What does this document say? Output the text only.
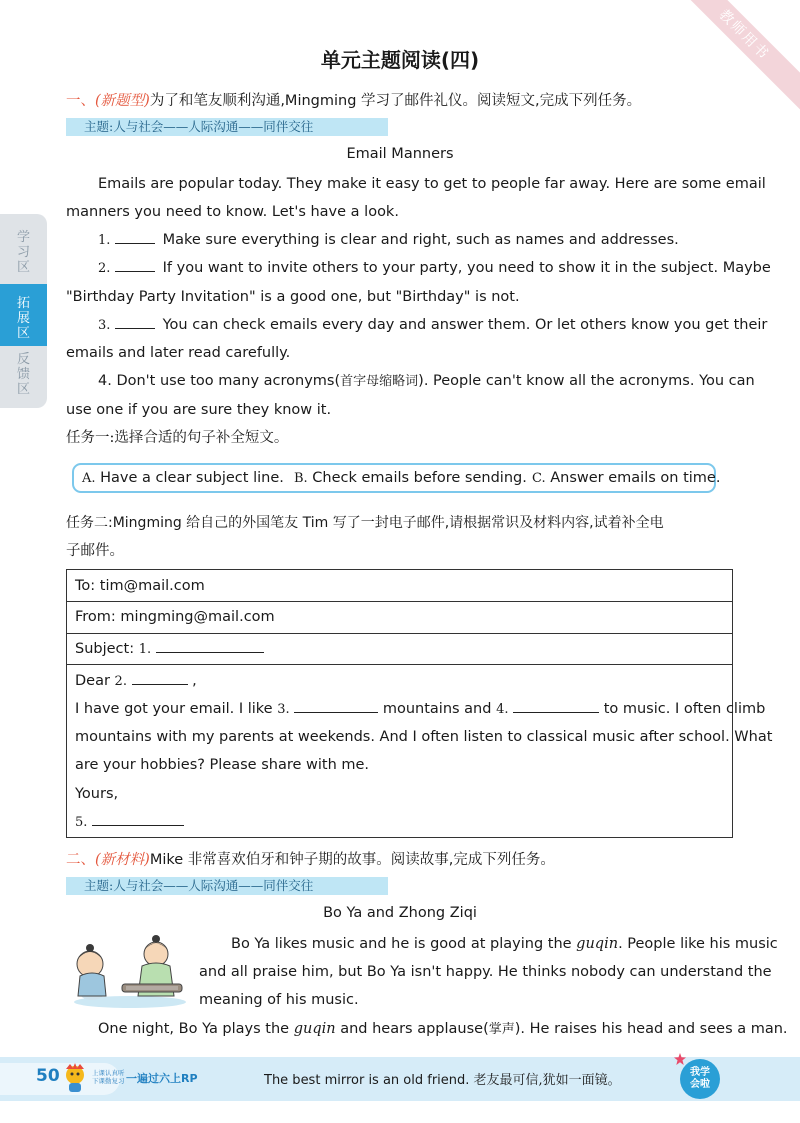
教师用书
单元主题阅读(四)
学习区
拓展区
反馈区
一、(新题型)为了和笔友顺利沟通,Mingming 学习了邮件礼仪。阅读短文,完成下列任务。
主题:人与社会——人际沟通——同伴交往
Email Manners
Emails are popular today. They make it easy to get to people far away. Here are some email
manners you need to know. Let's have a look.
1.	Make sure everything is clear and right, such as names and addresses.
2.	If you want to invite others to your party, you need to show it in the subject. Maybe
"Birthday Party Invitation" is a good one, but "Birthday" is not.
3.	You can check emails every day and answer them. Or let others know you get their
emails and later read carefully.
4. Don't use too many acronyms(首字母缩略词). People can't know all the acronyms. You can
use one if you are sure they know it.
任务一:选择合适的句子补全短文。
A. Have a clear subject line. B. Check emails before sending. C. Answer emails on time.
任务二:Mingming 给自己的外国笔友 Tim 写了一封电子邮件,请根据常识及材料内容,试着补全电
子邮件。
To: tim@mail.com
From: mingming@mail.com
Subject: 1.
Dear 2.	,
I have got your email. I like 3.	mountains and 4.	to music. I often climb
mountains with my parents at weekends. And I often listen to classical music after school. What
are your hobbies? Please share with me.
Yours,
5.
二、(新材料)Mike 非常喜欢伯牙和钟子期的故事。阅读故事,完成下列任务。
主题:人与社会——人际沟通——同伴交往
Bo Ya and Zhong Ziqi
Bo Ya likes music and he is good at playing the guqin. People like his music
and all praise him, but Bo Ya isn't happy. He thinks nobody can understand the
meaning of his music.
One night, Bo Ya plays the guqin and hears applause(掌声). He raises his head and sees a man.
50	上课认真听
下课勤复习 一遍过六上RP	The best mirror is an old friend. 老友最可信,犹如一面镜。
我学会啦
